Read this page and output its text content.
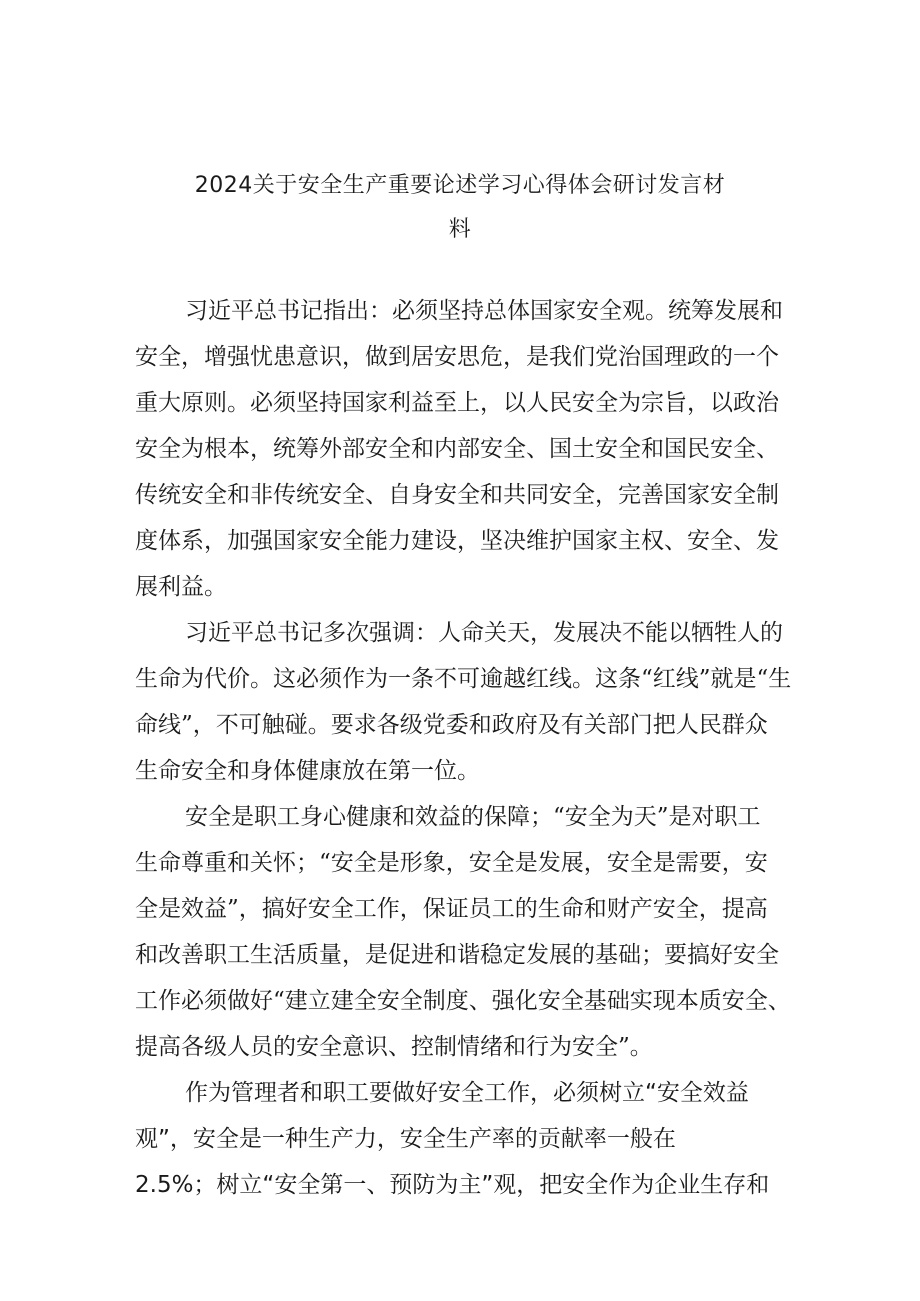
2024关于安全生产重要论述学习心得体会研讨发言材
料
习近平总书记指出：必须坚持总体国家安全观。统筹发展和
安全，增强忧患意识，做到居安思危，是我们党治国理政的一个
重大原则。必须坚持国家利益至上，以人民安全为宗旨，以政治
安全为根本，统筹外部安全和内部安全、国土安全和国民安全、
传统安全和非传统安全、自身安全和共同安全，完善国家安全制
度体系，加强国家安全能力建设，坚决维护国家主权、安全、发
展利益。
习近平总书记多次强调：人命关天，发展决不能以牺牲人的
生命为代价。这必须作为一条不可逾越红线。这条“红线”就是“生
命线”，不可触碰。要求各级党委和政府及有关部门把人民群众
生命安全和身体健康放在第一位。
安全是职工身心健康和效益的保障；“安全为天”是对职工
生命尊重和关怀；“安全是形象，安全是发展，安全是需要，安
全是效益”，搞好安全工作，保证员工的生命和财产安全，提高
和改善职工生活质量，是促进和谐稳定发展的基础；要搞好安全
工作必须做好“建立建全安全制度、强化安全基础实现本质安全、
提高各级人员的安全意识、控制情绪和行为安全”。
作为管理者和职工要做好安全工作，必须树立“安全效益
观”，安全是一种生产力，安全生产率的贡献率一般在
2.5%；树立“安全第一、预防为主”观，把安全作为企业生存和
